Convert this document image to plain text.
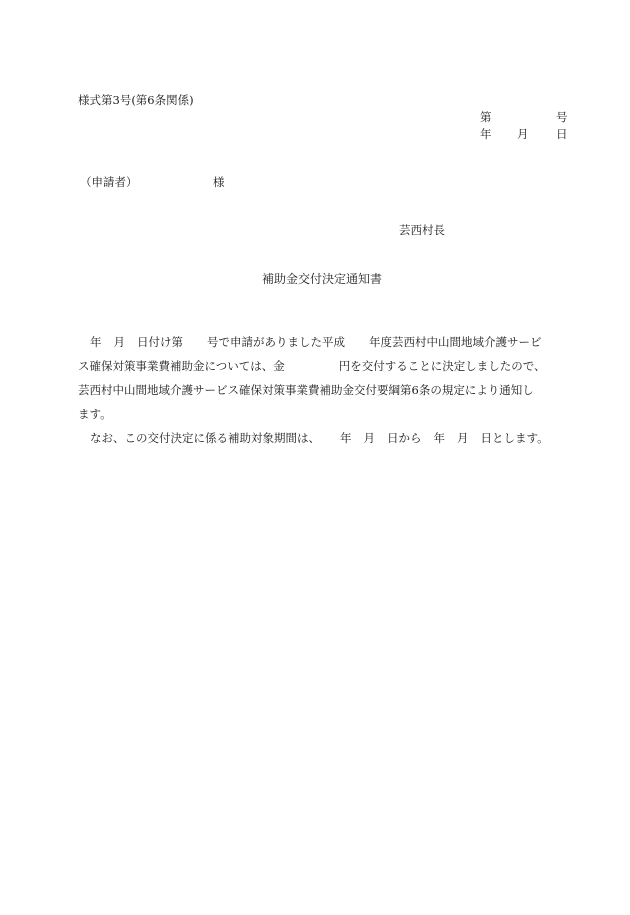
様式第3号(第6条関係)
第	号
年 月 日
（申請者）	様
芸西村長
補助金交付決定通知書
年 月 日付け第 号で申請がありました平成 年度芸西村中山間地域介護サービ
ス確保対策事業費補助金については、金	円を交付することに決定しましたので、
芸西村中山間地域介護サービス確保対策事業費補助金交付要綱第6条の規定により通知し
ます。
なお、この交付決定に係る補助対象期間は、 年 月 日から 年 月 日とします。
